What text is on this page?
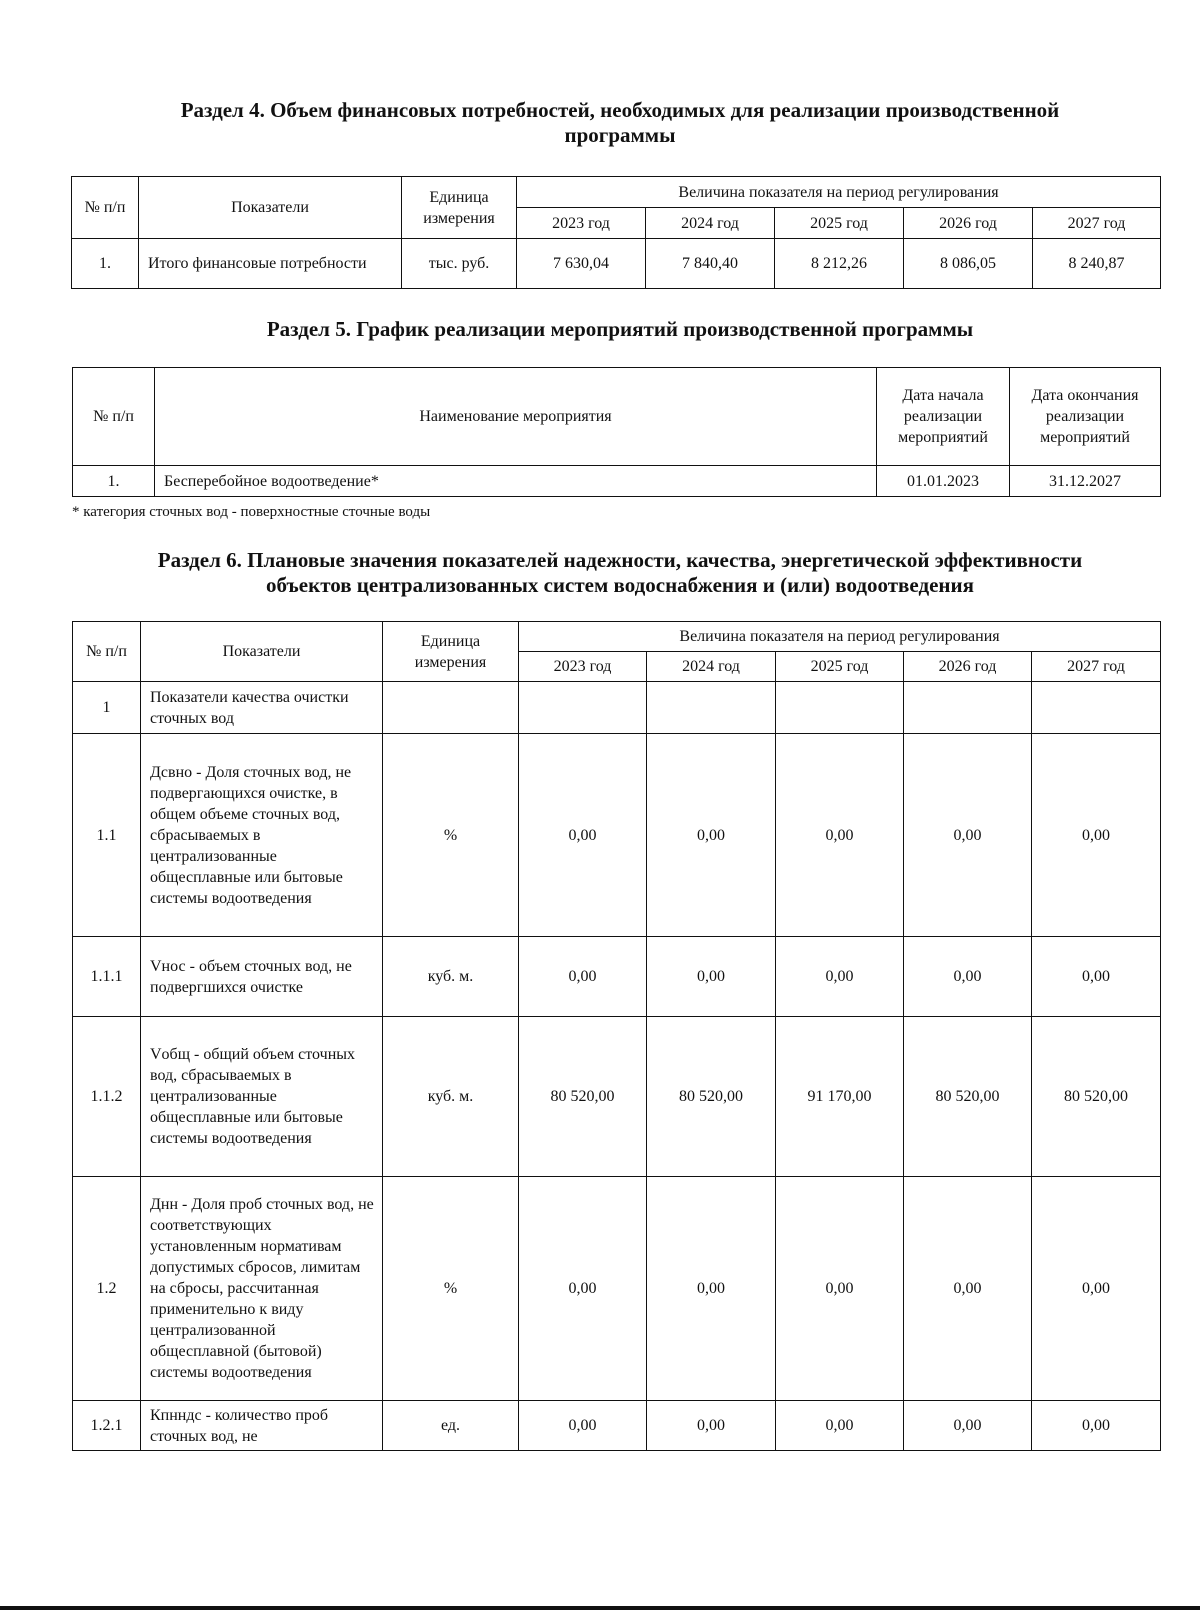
Раздел 4. Объем финансовых потребностей, необходимых для реализации производственной
программы
№ п/п	Показатели	Единица измерения	Величина показателя на период регулирования				
			2023 год	2024 год	2025 год	2026 год	2027 год
1.	Итого финансовые потребности	тыс. руб.	7 630,04	7 840,40	8 212,26	8 086,05	8 240,87
Раздел 5. График реализации мероприятий производственной программы
№ п/п	Наименование мероприятия	Дата начала реализации мероприятий	Дата окончания реализации мероприятий
1.	Бесперебойное водоотведение*	01.01.2023	31.12.2027
* категория сточных вод - поверхностные сточные воды
Раздел 6. Плановые значения показателей надежности, качества, энергетической эффективности
объектов централизованных систем водоснабжения и (или) водоотведения
№ п/п	Показатели	Единица измерения	Величина показателя на период регулирования				
			2023 год	2024 год	2025 год	2026 год	2027 год
1	Показатели качества очистки сточных вод						
1.1	Дсвно - Доля сточных вод, не подвергающихся очистке, в общем объеме сточных вод, сбрасываемых в централизованные общесплавные или бытовые системы водоотведения	%	0,00	0,00	0,00	0,00	0,00
1.1.1	Vнос - объем сточных вод, не подвергшихся очистке	куб. м.	0,00	0,00	0,00	0,00	0,00
1.1.2	Vобщ - общий объем сточных вод, сбрасываемых в централизованные общесплавные или бытовые системы водоотведения	куб. м.	80 520,00	80 520,00	91 170,00	80 520,00	80 520,00
1.2	Днн - Доля проб сточных вод, не соответствующих установленным нормативам допустимых сбросов, лимитам на сбросы, рассчитанная применительно к виду централизованной общесплавной (бытовой) системы водоотведения	%	0,00	0,00	0,00	0,00	0,00
1.2.1	Кпнндс - количество проб сточных вод, не	ед.	0,00	0,00	0,00	0,00	0,00
